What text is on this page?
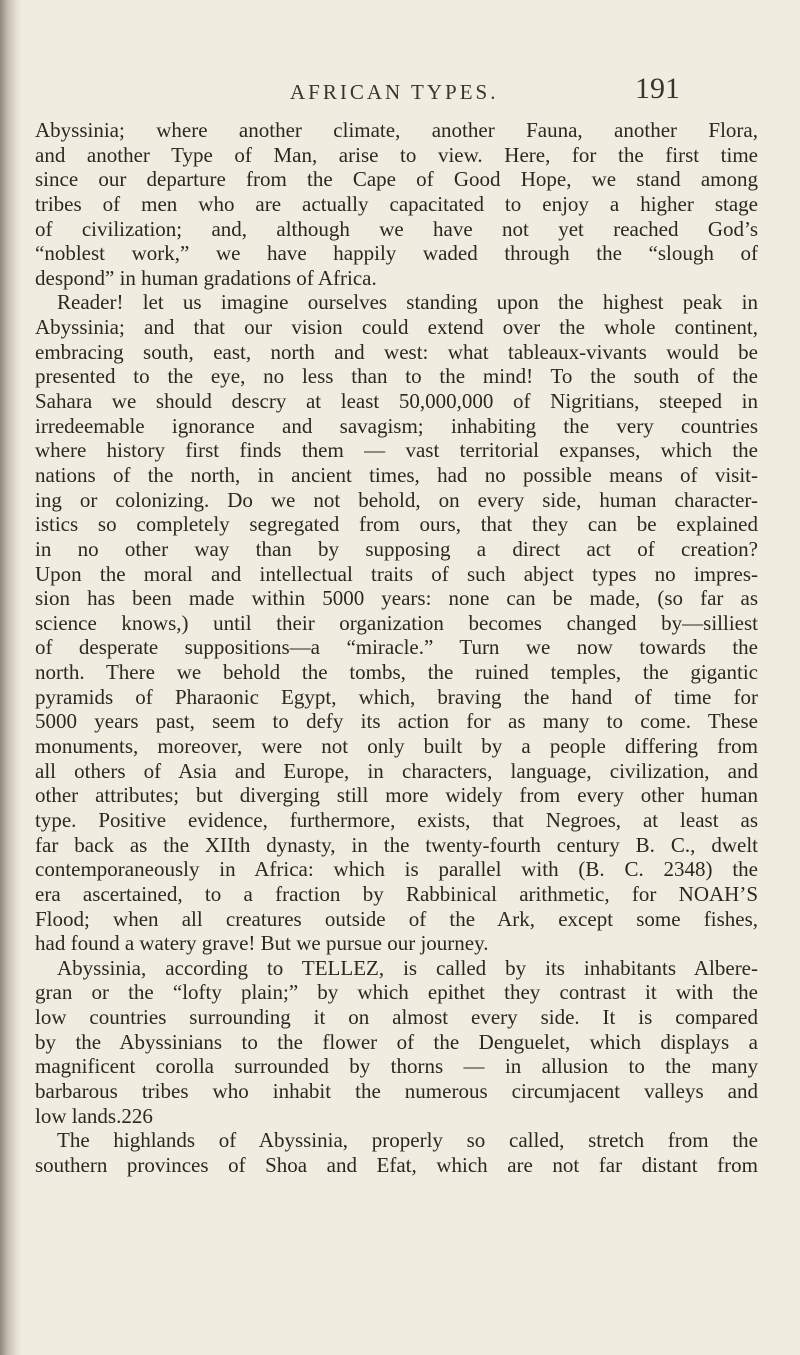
AFRICAN TYPES.	191
Abyssinia; where another climate, another Fauna, another Flora,
and another Type of Man, arise to view. Here, for the first time
since our departure from the Cape of Good Hope, we stand among
tribes of men who are actually capacitated to enjoy a higher stage
of civilization; and, although we have not yet reached God’s
“noblest work,” we have happily waded through the “slough of
despond” in human gradations of Africa.
Reader! let us imagine ourselves standing upon the highest peak in
Abyssinia; and that our vision could extend over the whole continent,
embracing south, east, north and west: what tableaux-vivants would be
presented to the eye, no less than to the mind! To the south of the
Sahara we should descry at least 50,000,000 of Nigritians, steeped in
irredeemable ignorance and savagism; inhabiting the very countries
where history first finds them — vast territorial expanses, which the
nations of the north, in ancient times, had no possible means of visit-
ing or colonizing. Do we not behold, on every side, human character-
istics so completely segregated from ours, that they can be explained
in no other way than by supposing a direct act of creation?
Upon the moral and intellectual traits of such abject types no impres-
sion has been made within 5000 years: none can be made, (so far as
science knows,) until their organization becomes changed by—silliest
of desperate suppositions—a “miracle.” Turn we now towards the
north. There we behold the tombs, the ruined temples, the gigantic
pyramids of Pharaonic Egypt, which, braving the hand of time for
5000 years past, seem to defy its action for as many to come. These
monuments, moreover, were not only built by a people differing from
all others of Asia and Europe, in characters, language, civilization, and
other attributes; but diverging still more widely from every other human
type. Positive evidence, furthermore, exists, that Negroes, at least as
far back as the XIIth dynasty, in the twenty-fourth century B. C., dwelt
contemporaneously in Africa: which is parallel with (B. C. 2348) the
era ascertained, to a fraction by Rabbinical arithmetic, for NOAH’S
Flood; when all creatures outside of the Ark, except some fishes,
had found a watery grave! But we pursue our journey.
Abyssinia, according to TELLEZ, is called by its inhabitants Albere-
gran or the “lofty plain;” by which epithet they contrast it with the
low countries surrounding it on almost every side. It is compared
by the Abyssinians to the flower of the Denguelet, which displays a
magnificent corolla surrounded by thorns — in allusion to the many
barbarous tribes who inhabit the numerous circumjacent valleys and
low lands.226
The highlands of Abyssinia, properly so called, stretch from the
southern provinces of Shoa and Efat, which are not far distant from
